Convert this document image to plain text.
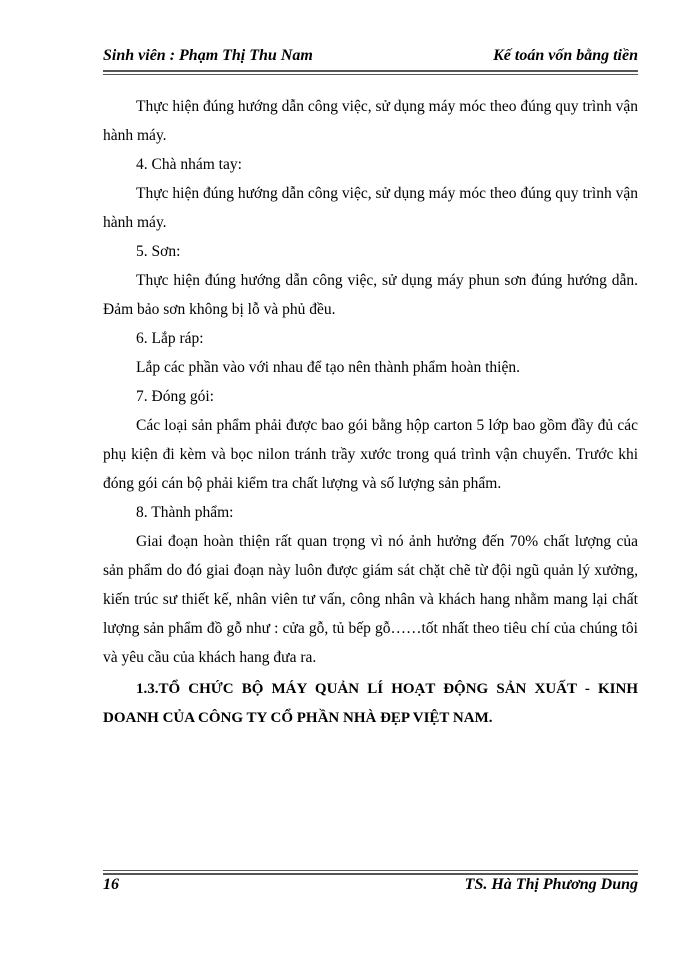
Sinh viên : Phạm Thị Thu Nam	Kế toán vốn bằng tiền

Thực hiện đúng hướng dẫn công việc, sử dụng máy móc theo đúng quy trình vận hành máy.

4. Chà nhám tay:

Thực hiện đúng hướng dẫn công việc, sử dụng máy móc theo đúng quy trình vận hành máy.

5. Sơn:

Thực hiện đúng hướng dẫn công việc, sử dụng máy phun sơn đúng hướng dẫn. Đảm bảo sơn không bị lỗ và phủ đều.

6. Lắp ráp:

Lắp các phần vào với nhau để tạo nên thành phẩm hoàn thiện.

7. Đóng gói:

Các loại sản phẩm phải được bao gói bằng hộp carton 5 lớp bao gồm đầy đủ các phụ kiện đi kèm và bọc nilon tránh trầy xước trong quá trình vận chuyển. Trước khi đóng gói cán bộ phải kiểm tra chất lượng và số lượng sản phẩm.

8. Thành phẩm:

Giai đoạn hoàn thiện rất quan trọng vì nó ảnh hưởng đến 70% chất lượng của sản phẩm do đó giai đoạn này luôn được giám sát chặt chẽ từ đội ngũ quản lý xưởng, kiến trúc sư thiết kế, nhân viên tư vấn, công nhân và khách hang nhằm mang lại chất lượng sản phẩm đồ gỗ như : cửa gỗ, tủ bếp gỗ……tốt nhất theo tiêu chí của chúng tôi và yêu cầu của khách hang đưa ra.

1.3.TỔ CHỨC BỘ MÁY QUẢN LÍ HOẠT ĐỘNG SẢN XUẤT - KINH DOANH CỦA CÔNG TY CỔ PHẦN NHÀ ĐẸP VIỆT NAM.

16	TS. Hà Thị Phương Dung
